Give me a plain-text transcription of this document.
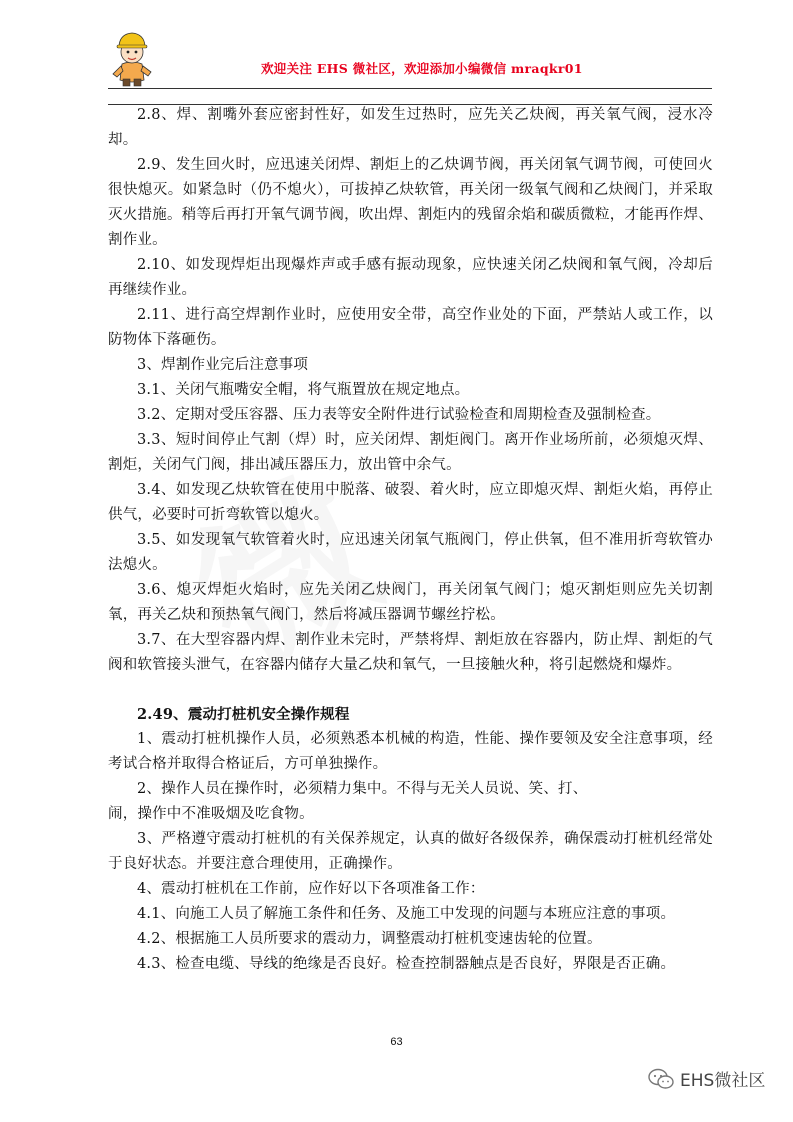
欢迎关注 EHS 微社区，欢迎添加小编微信 mraqkr01

2.8、焊、割嘴外套应密封性好，如发生过热时，应先关乙炔阀，再关氧气阀，浸水冷却。

2.9、发生回火时，应迅速关闭焊、割炬上的乙炔调节阀，再关闭氧气调节阀，可使回火很快熄灭。如紧急时（仍不熄火），可拔掉乙炔软管，再关闭一级氧气阀和乙炔阀门，并采取灭火措施。稍等后再打开氧气调节阀，吹出焊、割炬内的残留余焰和碳质微粒，才能再作焊、割作业。

2.10、如发现焊炬出现爆炸声或手感有振动现象，应快速关闭乙炔阀和氧气阀，冷却后再继续作业。

2.11、进行高空焊割作业时，应使用安全带，高空作业处的下面，严禁站人或工作，以防物体下落砸伤。

3、焊割作业完后注意事项

3.1、关闭气瓶嘴安全帽，将气瓶置放在规定地点。

3.2、定期对受压容器、压力表等安全附件进行试验检查和周期检查及强制检查。

3.3、短时间停止气割（焊）时，应关闭焊、割炬阀门。离开作业场所前，必须熄灭焊、割炬，关闭气门阀，排出减压器压力，放出管中余气。

3.4、如发现乙炔软管在使用中脱落、破裂、着火时，应立即熄灭焊、割炬火焰，再停止供气，必要时可折弯软管以熄火。

3.5、如发现氧气软管着火时，应迅速关闭氧气瓶阀门，停止供氧，但不准用折弯软管办法熄火。

3.6、熄灭焊炬火焰时，应先关闭乙炔阀门，再关闭氧气阀门；熄灭割炬则应先关切割氧，再关乙炔和预热氧气阀门，然后将减压器调节螺丝拧松。

3.7、在大型容器内焊、割作业未完时，严禁将焊、割炬放在容器内，防止焊、割炬的气阀和软管接头泄气，在容器内储存大量乙炔和氧气，一旦接触火种，将引起燃烧和爆炸。

2.49、震动打桩机安全操作规程

1、震动打桩机操作人员，必须熟悉本机械的构造，性能、操作要领及安全注意事项，经考试合格并取得合格证后，方可单独操作。

2、操作人员在操作时，必须精力集中。不得与无关人员说、笑、打、

闹，操作中不准吸烟及吃食物。

3、严格遵守震动打桩机的有关保养规定，认真的做好各级保养，确保震动打桩机经常处于良好状态。并要注意合理使用，正确操作。

4、震动打桩机在工作前，应作好以下各项准备工作：

4.1、向施工人员了解施工条件和任务、及施工中发现的问题与本班应注意的事项。

4.2、根据施工人员所要求的震动力，调整震动打桩机变速齿轮的位置。

4.3、检查电缆、导线的绝缘是否良好。检查控制器触点是否良好，界限是否正确。

63
EHS微社区
